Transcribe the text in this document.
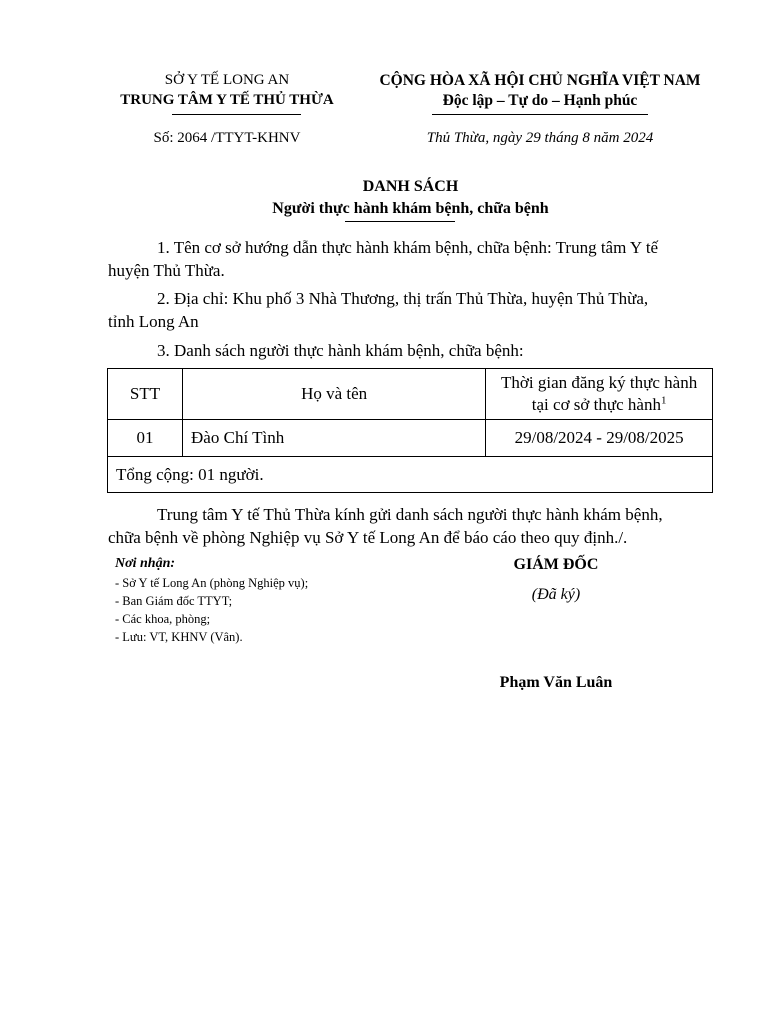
SỞ Y TẾ LONG AN
TRUNG TÂM Y TẾ THỦ THỪA
Số: 2064 /TTYT-KHNV
CỘNG HÒA XÃ HỘI CHỦ NGHĨA VIỆT NAM
Độc lập – Tự do – Hạnh phúc
Thủ Thừa, ngày 29 tháng 8 năm 2024
DANH SÁCH
Người thực hành khám bệnh, chữa bệnh
1. Tên cơ sở hướng dẫn thực hành khám bệnh, chữa bệnh: Trung tâm Y tế
huyện Thủ Thừa.
2. Địa chỉ: Khu phố 3 Nhà Thương, thị trấn Thủ Thừa, huyện Thủ Thừa,
tỉnh Long An
3. Danh sách người thực hành khám bệnh, chữa bệnh:
STT	Họ và tên	Thời gian đăng ký thực hành
tại cơ sở thực hành$^1$
01	Đào Chí Tình	29/08/2024 - 29/08/2025
Tổng cộng: 01 người.		
Trung tâm Y tế Thủ Thừa kính gửi danh sách người thực hành khám bệnh,
chữa bệnh về phòng Nghiệp vụ Sở Y tế Long An để báo cáo theo quy định./.
Nơi nhận:
- Sở Y tế Long An (phòng Nghiệp vụ);
- Ban Giám đốc TTYT;
- Các khoa, phòng;
- Lưu: VT, KHNV (Vân).
GIÁM ĐỐC
(Đã ký)
Phạm Văn Luân
